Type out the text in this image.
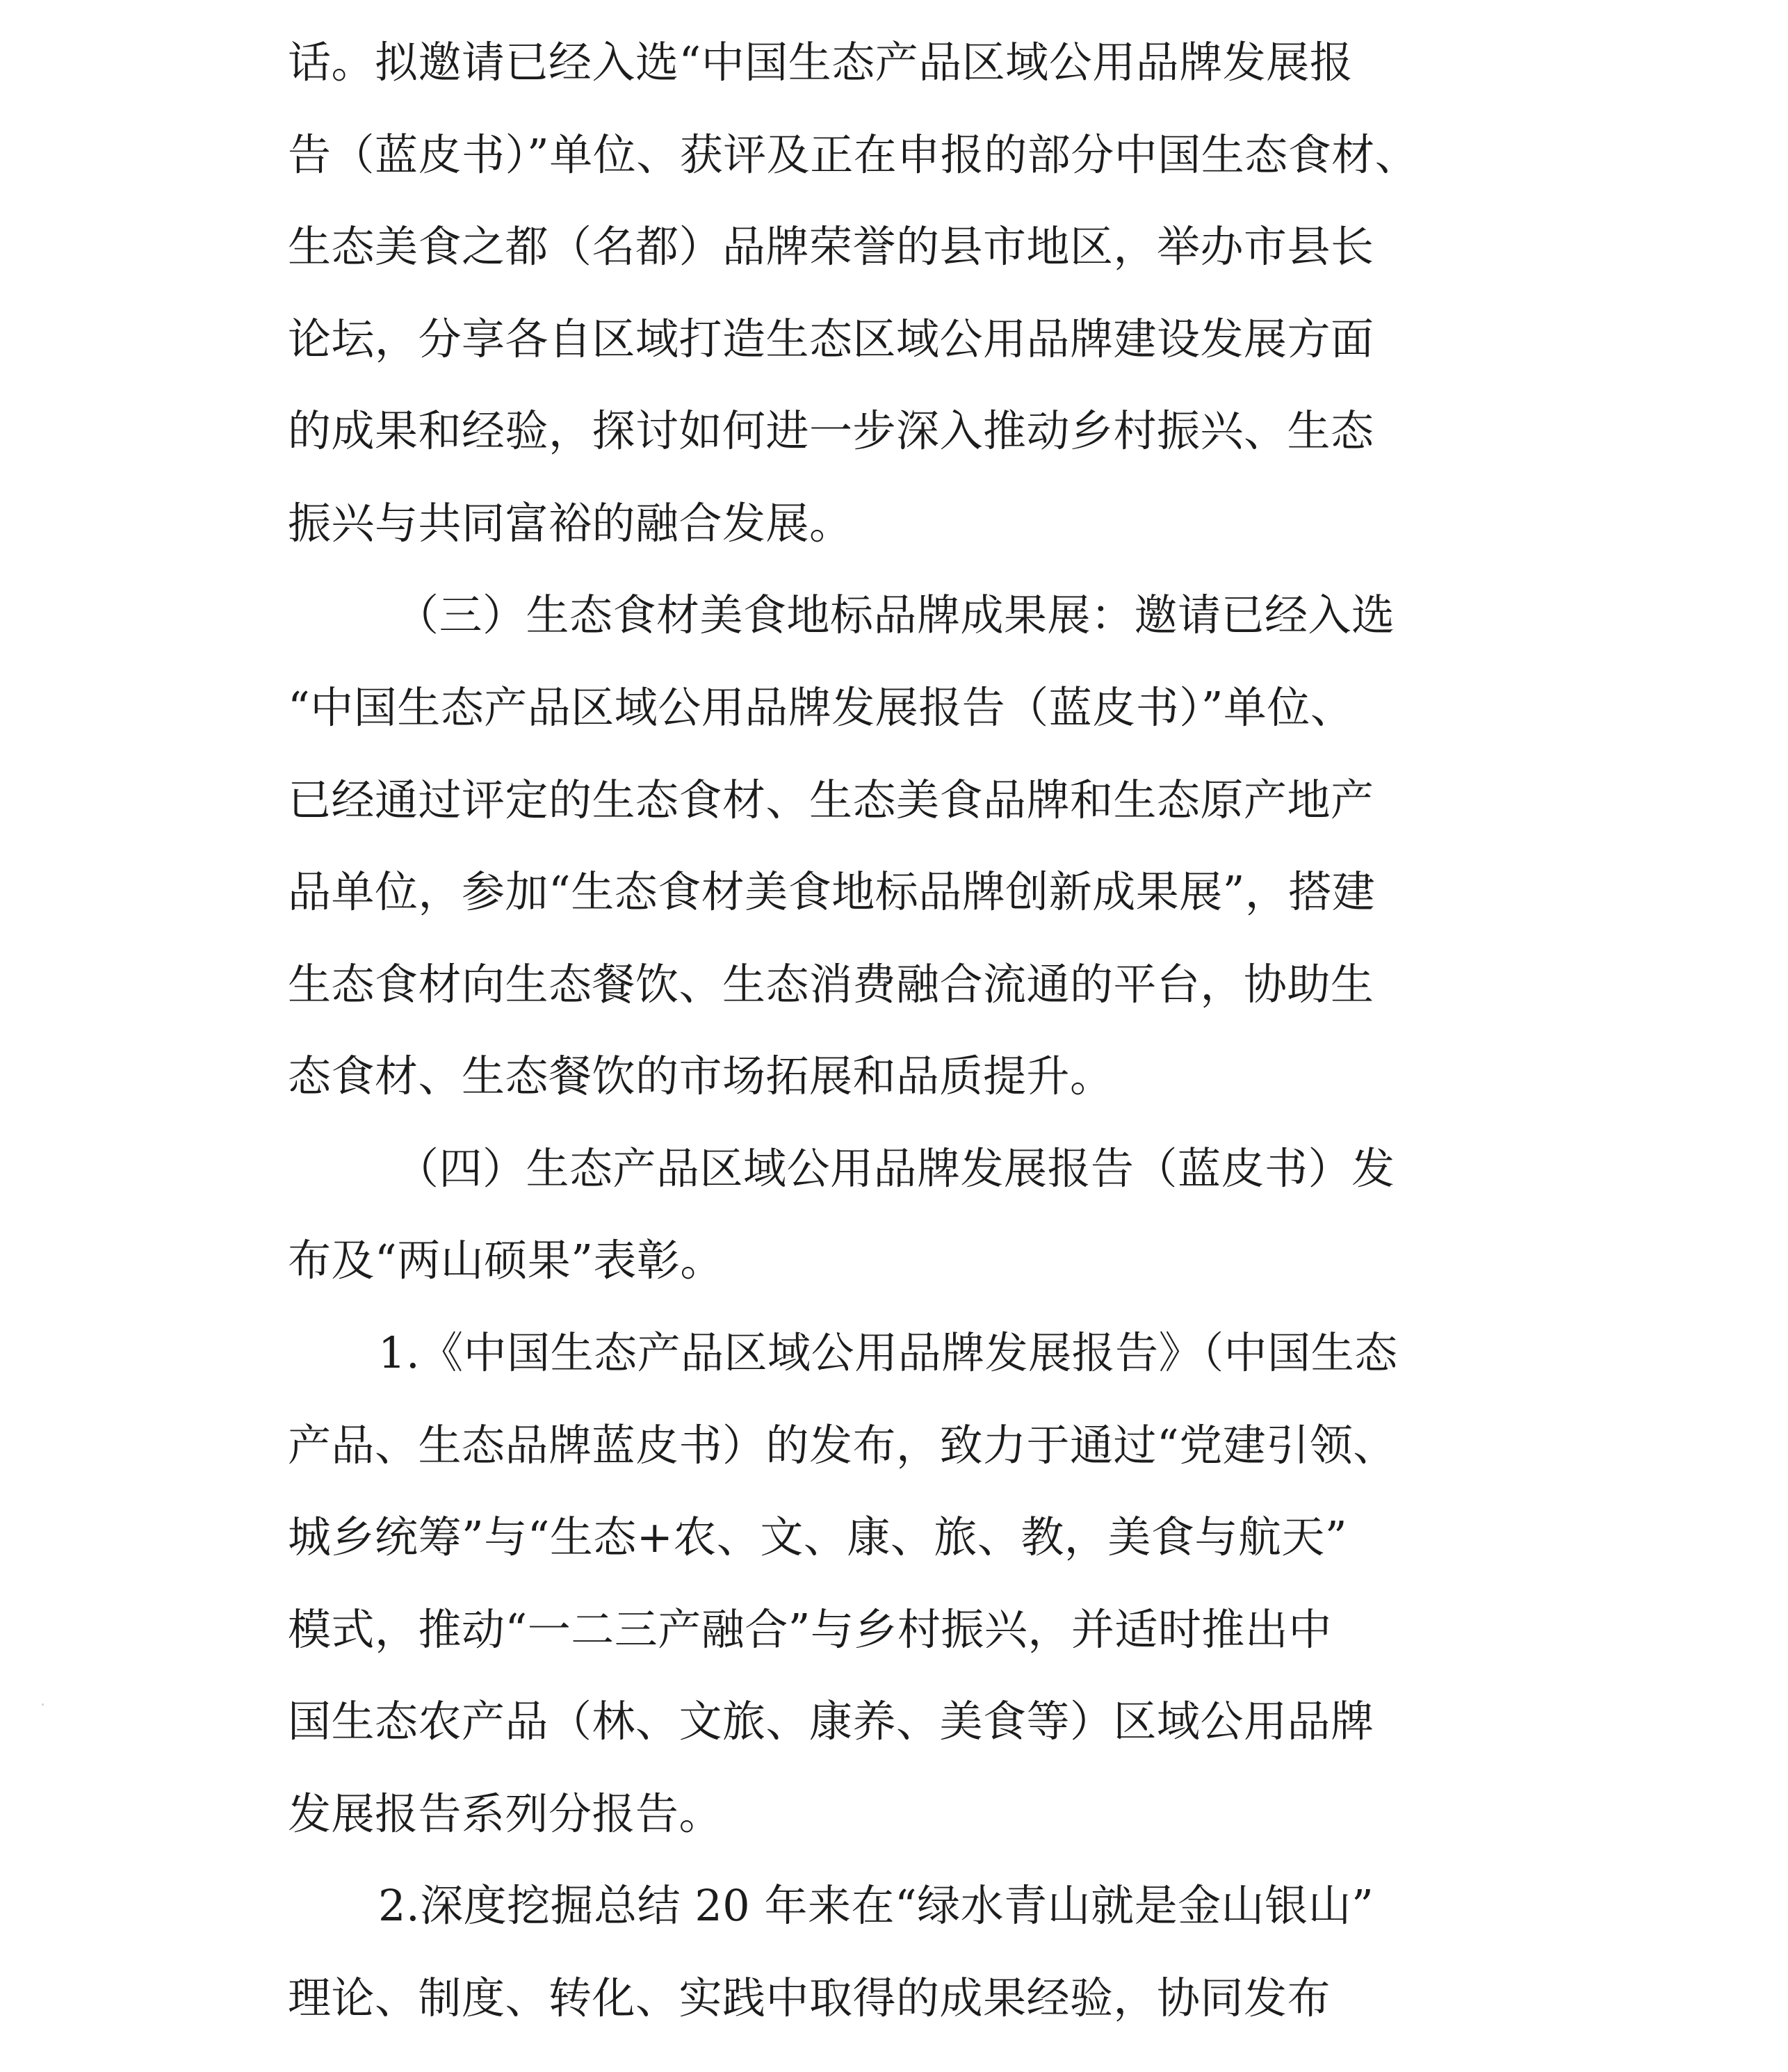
话。拟邀请已经入选“中国生态产品区域公用品牌发展报
告（蓝皮书）”单位、获评及正在申报的部分中国生态食材、
生态美食之都（名都）品牌荣誉的县市地区，举办市县长
论坛，分享各自区域打造生态区域公用品牌建设发展方面
的成果和经验，探讨如何进一步深入推动乡村振兴、生态
振兴与共同富裕的融合发展。
（三）生态食材美食地标品牌成果展：邀请已经入选
“中国生态产品区域公用品牌发展报告（蓝皮书）”单位、
已经通过评定的生态食材、生态美食品牌和生态原产地产
品单位，参加“生态食材美食地标品牌创新成果展”，搭建
生态食材向生态餐饮、生态消费融合流通的平台，协助生
态食材、生态餐饮的市场拓展和品质提升。
（四）生态产品区域公用品牌发展报告（蓝皮书）发
布及“两山硕果”表彰。
1.《中国生态产品区域公用品牌发展报告》（中国生态
产品、生态品牌蓝皮书）的发布，致力于通过“党建引领、
城乡统筹”与“生态+农、文、康、旅、教，美食与航天”
模式，推动“一二三产融合”与乡村振兴，并适时推出中
国生态农产品（林、文旅、康养、美食等）区域公用品牌
发展报告系列分报告。
2.深度挖掘总结 20 年来在“绿水青山就是金山银山”
理论、制度、转化、实践中取得的成果经验，协同发布
